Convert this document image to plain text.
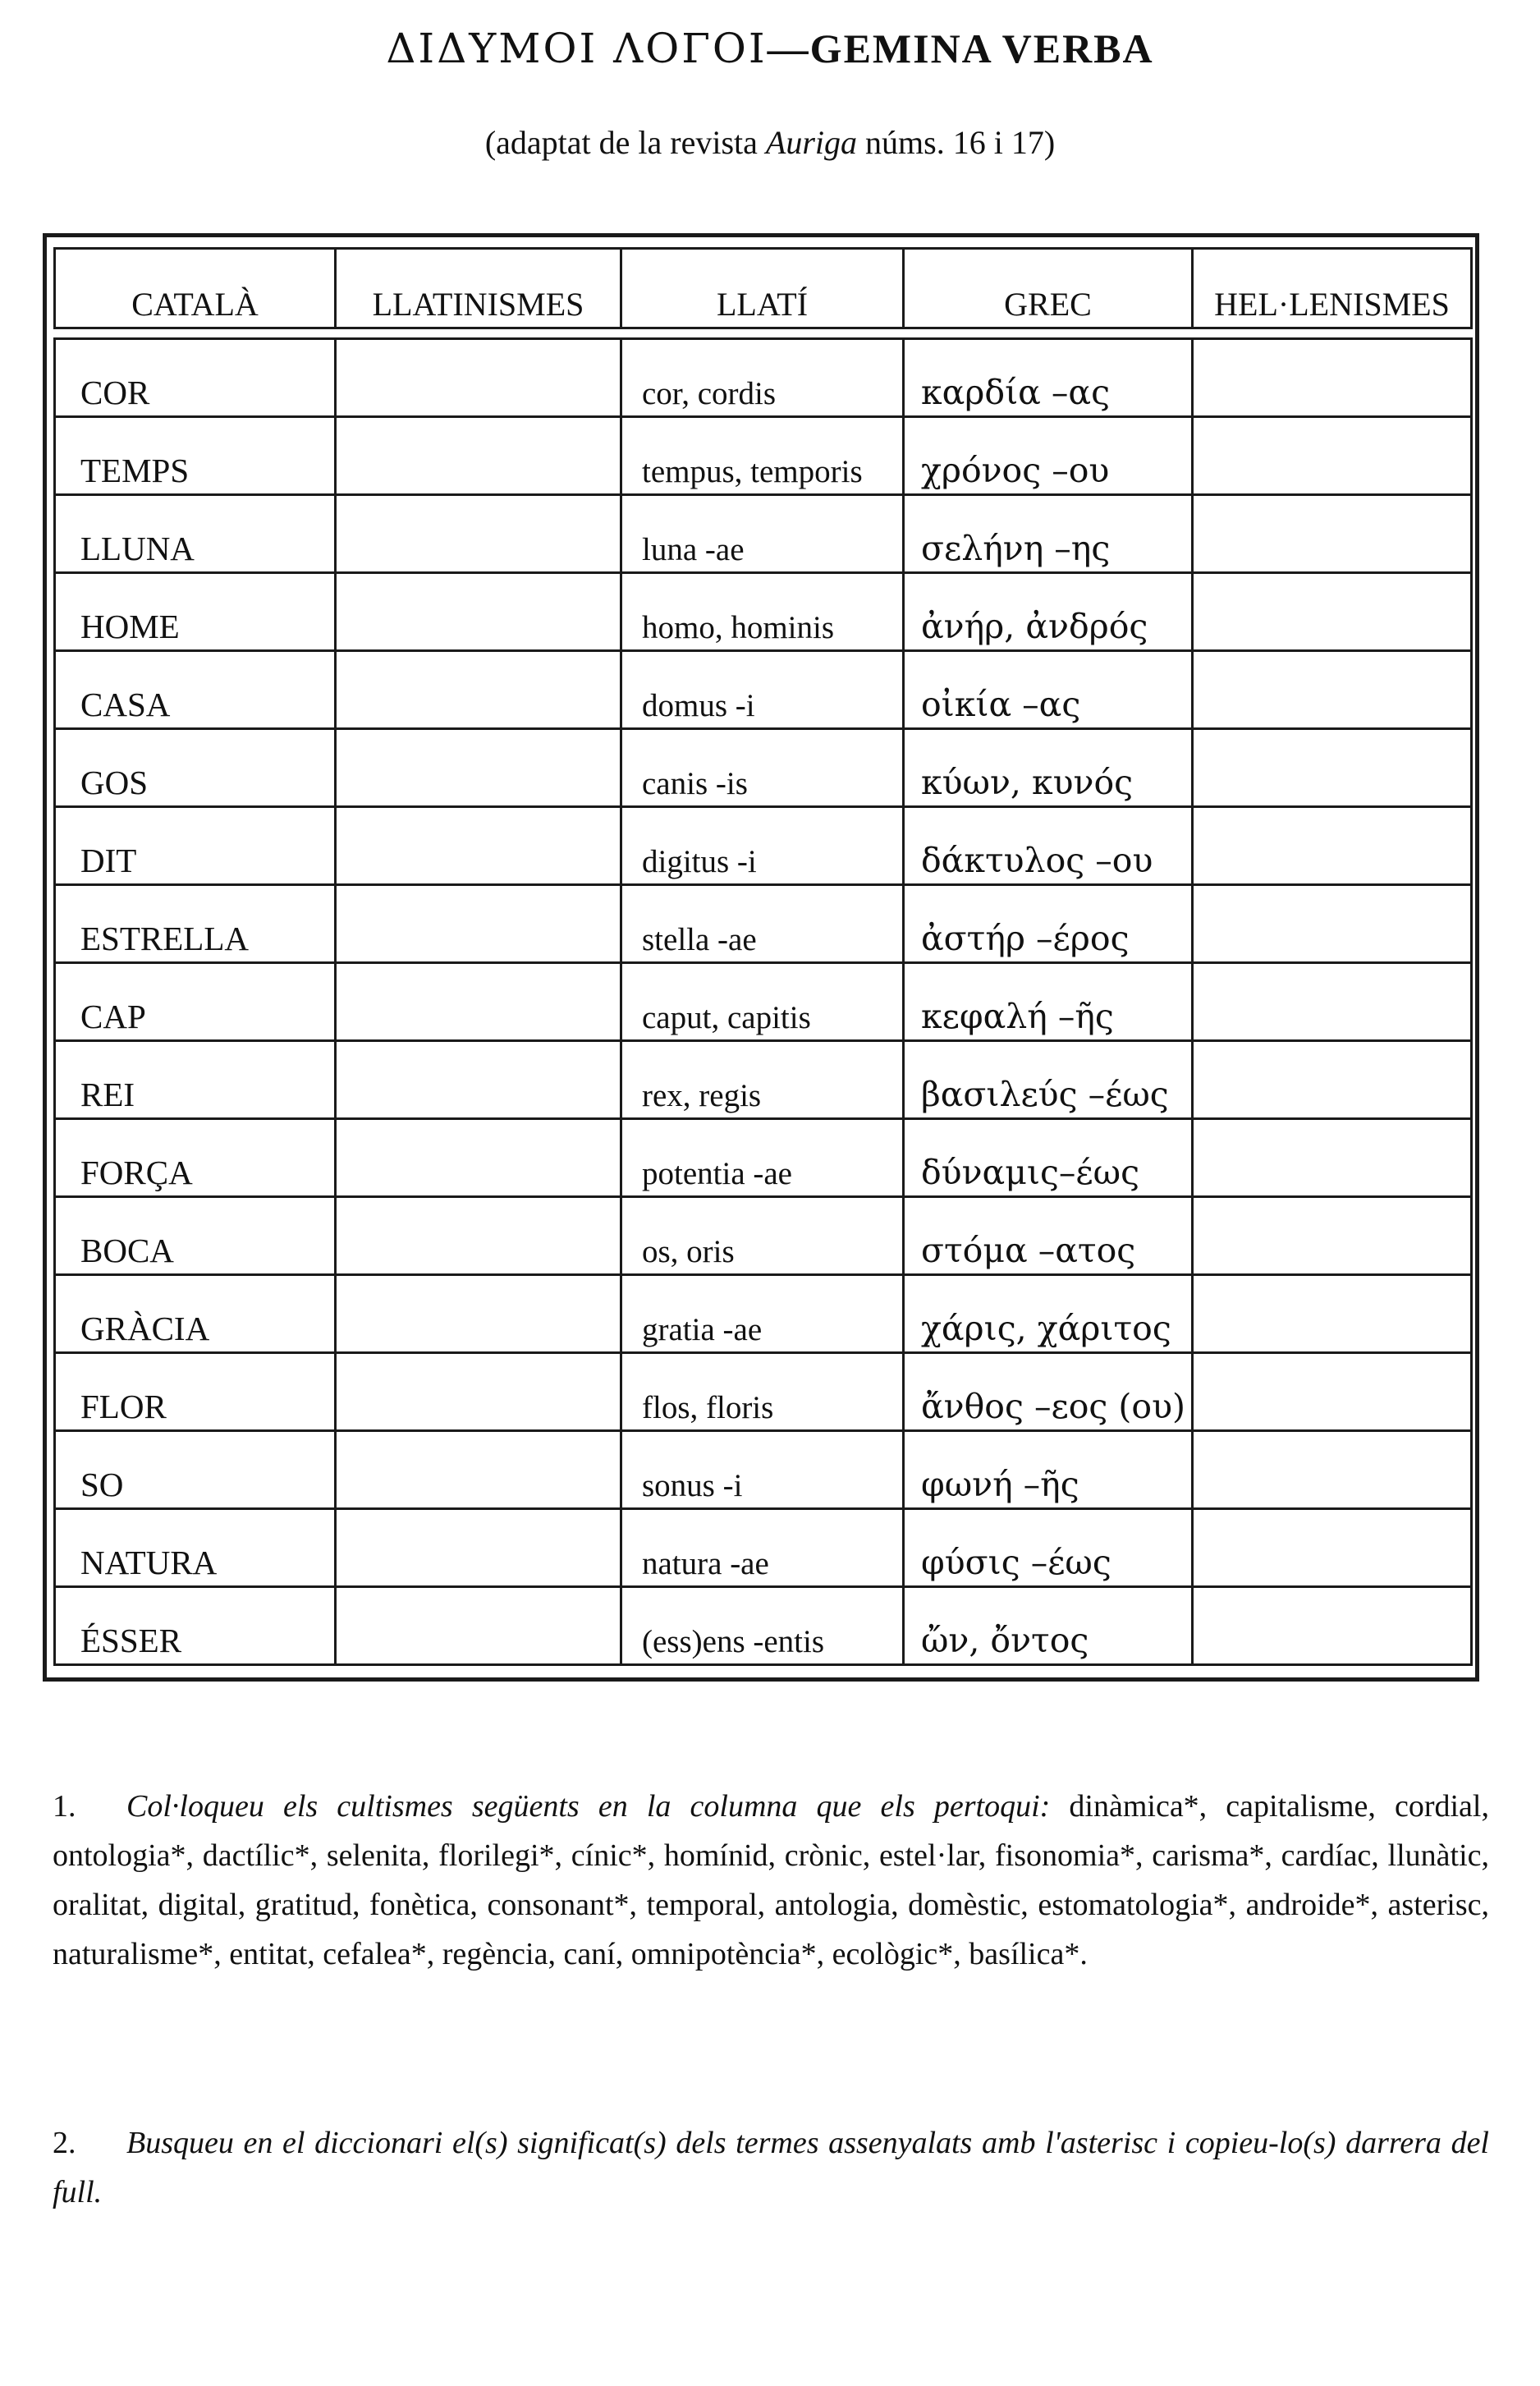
ΔΙΔΥΜΟΙ ΛΟΓΟΙ—GEMINA VERBA
(adaptat de la revista Auriga núms. 16 i 17)
CATALÀ	LLATINISMES	LLATÍ	GREC	HEL·LENISMES

COR		cor, cordis	καρδία –ας	
TEMPS		tempus, temporis	χρόνος –ου	
LLUNA		luna -ae	σελήνη –ης	
HOME		homo, hominis	ἀνήρ, ἀνδρός	
CASA		domus -i	οἰκία –ας	
GOS		canis -is	κύων, κυνός	
DIT		digitus -i	δάκτυλος –ου	
ESTRELLA		stella -ae	ἀστήρ –έρος	
CAP		caput, capitis	κεφαλή –ῆς	
REI		rex, regis	βασιλεύς –έως	
FORÇA		potentia -ae	δύναμις–έως	
BOCA		os, oris	στόμα –ατος	
GRÀCIA		gratia -ae	χάρις, χάριτος	
FLOR		flos, floris	ἄνθος –εος (ου)	
SO		sonus -i	φωνή –ῆς	
NATURA		natura -ae	φύσις –έως	
ÉSSER		(ess)ens -entis	ὤν, ὄντος	
1. Col·loqueu els cultismes següents en la columna que els pertoqui: dinàmica*, capitalisme, cordial, ontologia*, dactílic*, selenita, florilegi*, cínic*, homínid, crònic, estel·lar, fisonomia*, carisma*, cardíac, llunàtic, oralitat, digital, gratitud, fonètica, consonant*, temporal, antologia, domèstic, estomatologia*, androide*, asterisc, naturalisme*, entitat, cefalea*, regència, caní, omnipotència*, ecològic*, basílica*.
2. Busqueu en el diccionari el(s) significat(s) dels termes assenyalats amb l'asterisc i copieu-lo(s) darrera del full.
